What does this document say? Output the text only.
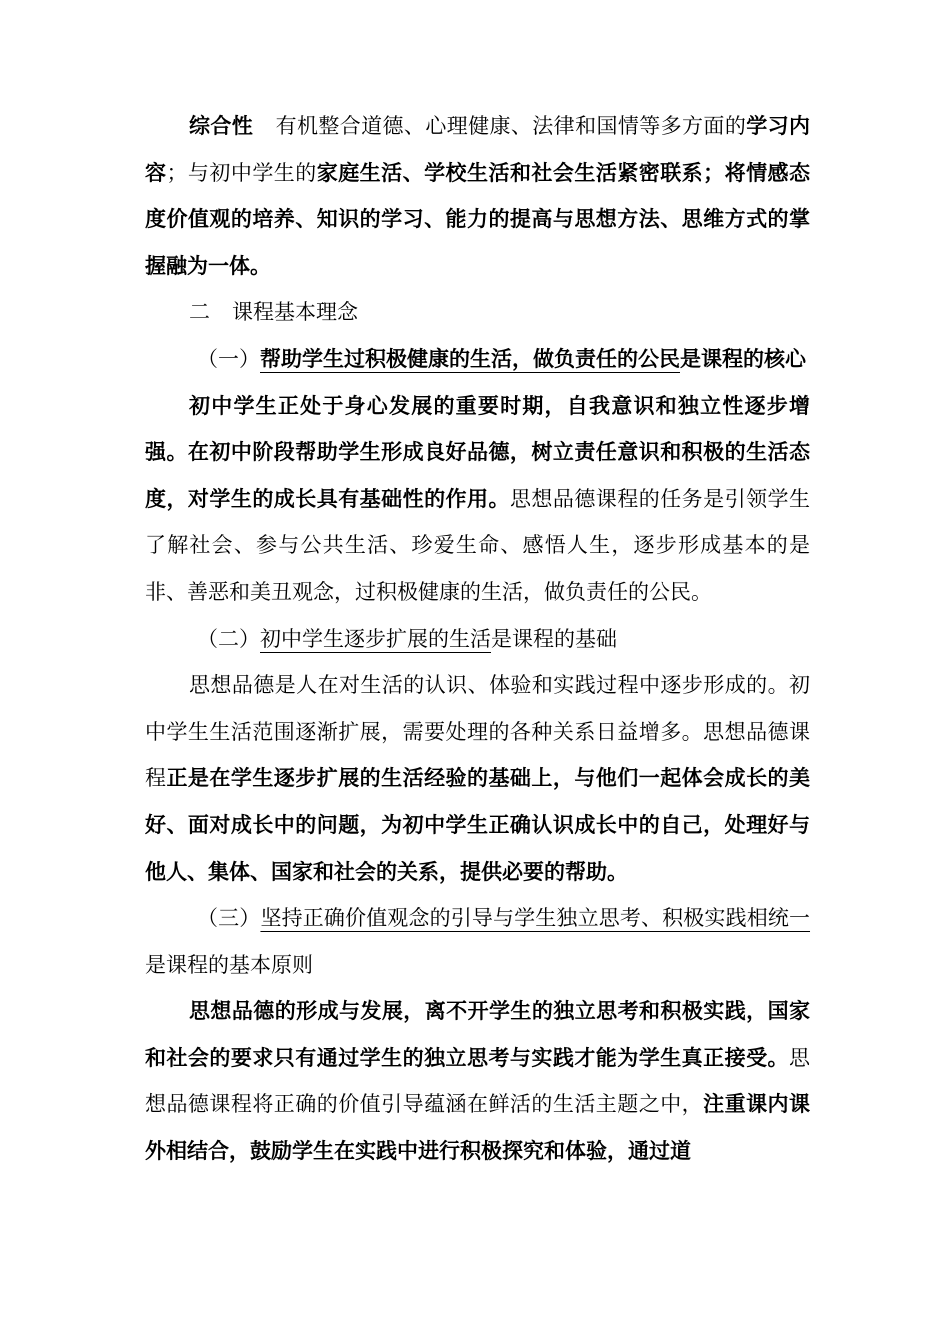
综合性 有机整合道德、心理健康、法律和国情等多方面的学习内容；与初中学生的家庭生活、学校生活和社会生活紧密联系；将情感态度价值观的培养、知识的学习、能力的提高与思想方法、思维方式的掌握融为一体。

二 课程基本理念

（一）帮助学生过积极健康的生活，做负责任的公民是课程的核心

初中学生正处于身心发展的重要时期，自我意识和独立性逐步增强。在初中阶段帮助学生形成良好品德，树立责任意识和积极的生活态度，对学生的成长具有基础性的作用。思想品德课程的任务是引领学生了解社会、参与公共生活、珍爱生命、感悟人生，逐步形成基本的是非、善恶和美丑观念，过积极健康的生活，做负责任的公民。

（二）初中学生逐步扩展的生活是课程的基础

思想品德是人在对生活的认识、体验和实践过程中逐步形成的。初中学生生活范围逐渐扩展，需要处理的各种关系日益增多。思想品德课程正是在学生逐步扩展的生活经验的基础上，与他们一起体会成长的美好、面对成长中的问题，为初中学生正确认识成长中的自己，处理好与他人、集体、国家和社会的关系，提供必要的帮助。

（三）坚持正确价值观念的引导与学生独立思考、积极实践相统一是课程的基本原则

思想品德的形成与发展，离不开学生的独立思考和积极实践，国家和社会的要求只有通过学生的独立思考与实践才能为学生真正接受。思想品德课程将正确的价值引导蕴涵在鲜活的生活主题之中，注重课内课外相结合，鼓励学生在实践中进行积极探究和体验，通过道
